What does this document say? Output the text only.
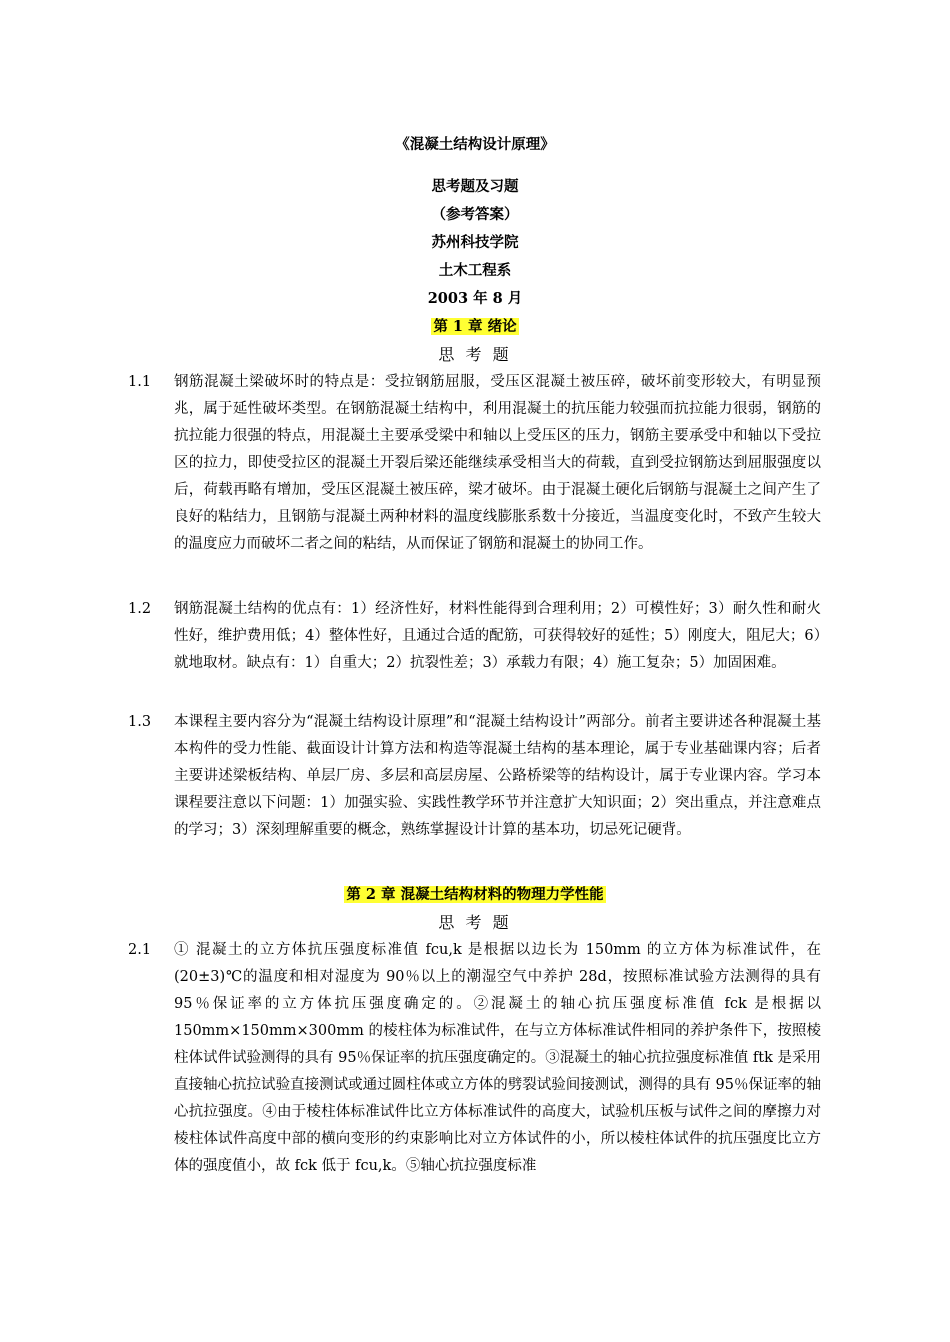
《混凝土结构设计原理》
思考题及习题
（参考答案）
苏州科技学院
土木工程系
2003 年 8 月
第 1 章 绪论
思 考 题
1.1	钢筋混凝土梁破坏时的特点是：受拉钢筋屈服，受压区混凝土被压碎，破坏前变形较大，有明显预兆，属于延性破坏类型。在钢筋混凝土结构中，利用混凝土的抗压能力较强而抗拉能力很弱，钢筋的抗拉能力很强的特点，用混凝土主要承受梁中和轴以上受压区的压力，钢筋主要承受中和轴以下受拉区的拉力，即使受拉区的混凝土开裂后梁还能继续承受相当大的荷载，直到受拉钢筋达到屈服强度以后，荷载再略有增加，受压区混凝土被压碎，梁才破坏。由于混凝土硬化后钢筋与混凝土之间产生了良好的粘结力，且钢筋与混凝土两种材料的温度线膨胀系数十分接近，当温度变化时，不致产生较大的温度应力而破坏二者之间的粘结，从而保证了钢筋和混凝土的协同工作。
1.2	钢筋混凝土结构的优点有：1）经济性好，材料性能得到合理利用；2）可模性好；3）耐久性和耐火性好，维护费用低；4）整体性好，且通过合适的配筋，可获得较好的延性；5）刚度大，阻尼大；6）就地取材。缺点有：1）自重大；2）抗裂性差；3）承载力有限；4）施工复杂；5）加固困难。
1.3	本课程主要内容分为“混凝土结构设计原理”和“混凝土结构设计”两部分。前者主要讲述各种混凝土基本构件的受力性能、截面设计计算方法和构造等混凝土结构的基本理论，属于专业基础课内容；后者主要讲述梁板结构、单层厂房、多层和高层房屋、公路桥梁等的结构设计，属于专业课内容。学习本课程要注意以下问题：1）加强实验、实践性教学环节并注意扩大知识面；2）突出重点，并注意难点的学习；3）深刻理解重要的概念，熟练掌握设计计算的基本功，切忌死记硬背。
第 2 章 混凝土结构材料的物理力学性能
思 考 题
2.1	① 混凝土的立方体抗压强度标准值 fcu,k 是根据以边长为 150mm 的立方体为标准试件，在(20±3)℃的温度和相对湿度为 90％以上的潮湿空气中养护 28d，按照标准试验方法测得的具有 95％保证率的立方体抗压强度确定的。②混凝土的轴心抗压强度标准值 fck 是根据以 150mm×150mm×300mm 的棱柱体为标准试件，在与立方体标准试件相同的养护条件下，按照棱柱体试件试验测得的具有 95％保证率的抗压强度确定的。③混凝土的轴心抗拉强度标准值 ftk 是采用直接轴心抗拉试验直接测试或通过圆柱体或立方体的劈裂试验间接测试，测得的具有 95％保证率的轴心抗拉强度。④由于棱柱体标准试件比立方体标准试件的高度大，试验机压板与试件之间的摩擦力对棱柱体试件高度中部的横向变形的约束影响比对立方体试件的小，所以棱柱体试件的抗压强度比立方体的强度值小，故 fck 低于 fcu,k。⑤轴心抗拉强度标准
